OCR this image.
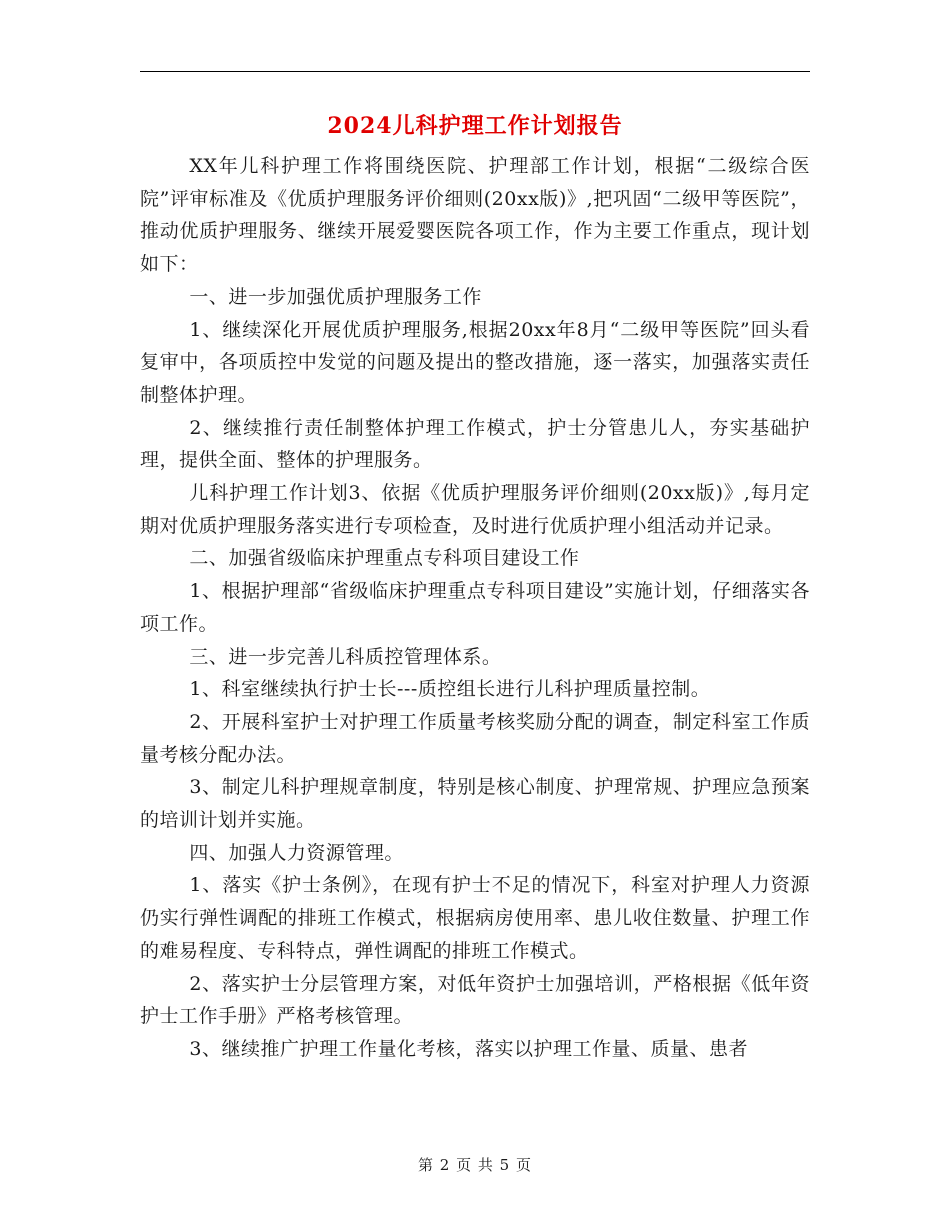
2024儿科护理工作计划报告

XX年儿科护理工作将围绕医院、护理部工作计划，根据“二级综合医院”评审标准及《优质护理服务评价细则(20xx版)》,把巩固“二级甲等医院”，推动优质护理服务、继续开展爱婴医院各项工作，作为主要工作重点，现计划如下：

一、进一步加强优质护理服务工作

1、继续深化开展优质护理服务,根据20xx年8月“二级甲等医院”回头看复审中，各项质控中发觉的问题及提出的整改措施，逐一落实，加强落实责任制整体护理。

2、继续推行责任制整体护理工作模式，护士分管患儿人，夯实基础护理，提供全面、整体的护理服务。

儿科护理工作计划3、依据《优质护理服务评价细则(20xx版)》,每月定期对优质护理服务落实进行专项检查，及时进行优质护理小组活动并记录。

二、加强省级临床护理重点专科项目建设工作

1、根据护理部“省级临床护理重点专科项目建设”实施计划，仔细落实各项工作。

三、进一步完善儿科质控管理体系。

1、科室继续执行护士长---质控组长进行儿科护理质量控制。

2、开展科室护士对护理工作质量考核奖励分配的调查，制定科室工作质量考核分配办法。

3、制定儿科护理规章制度，特别是核心制度、护理常规、护理应急预案的培训计划并实施。

四、加强人力资源管理。

1、落实《护士条例》，在现有护士不足的情况下，科室对护理人力资源仍实行弹性调配的排班工作模式，根据病房使用率、患儿收住数量、护理工作的难易程度、专科特点，弹性调配的排班工作模式。

2、落实护士分层管理方案，对低年资护士加强培训，严格根据《低年资护士工作手册》严格考核管理。

3、继续推广护理工作量化考核，落实以护理工作量、质量、患者

第 2 页 共 5 页
